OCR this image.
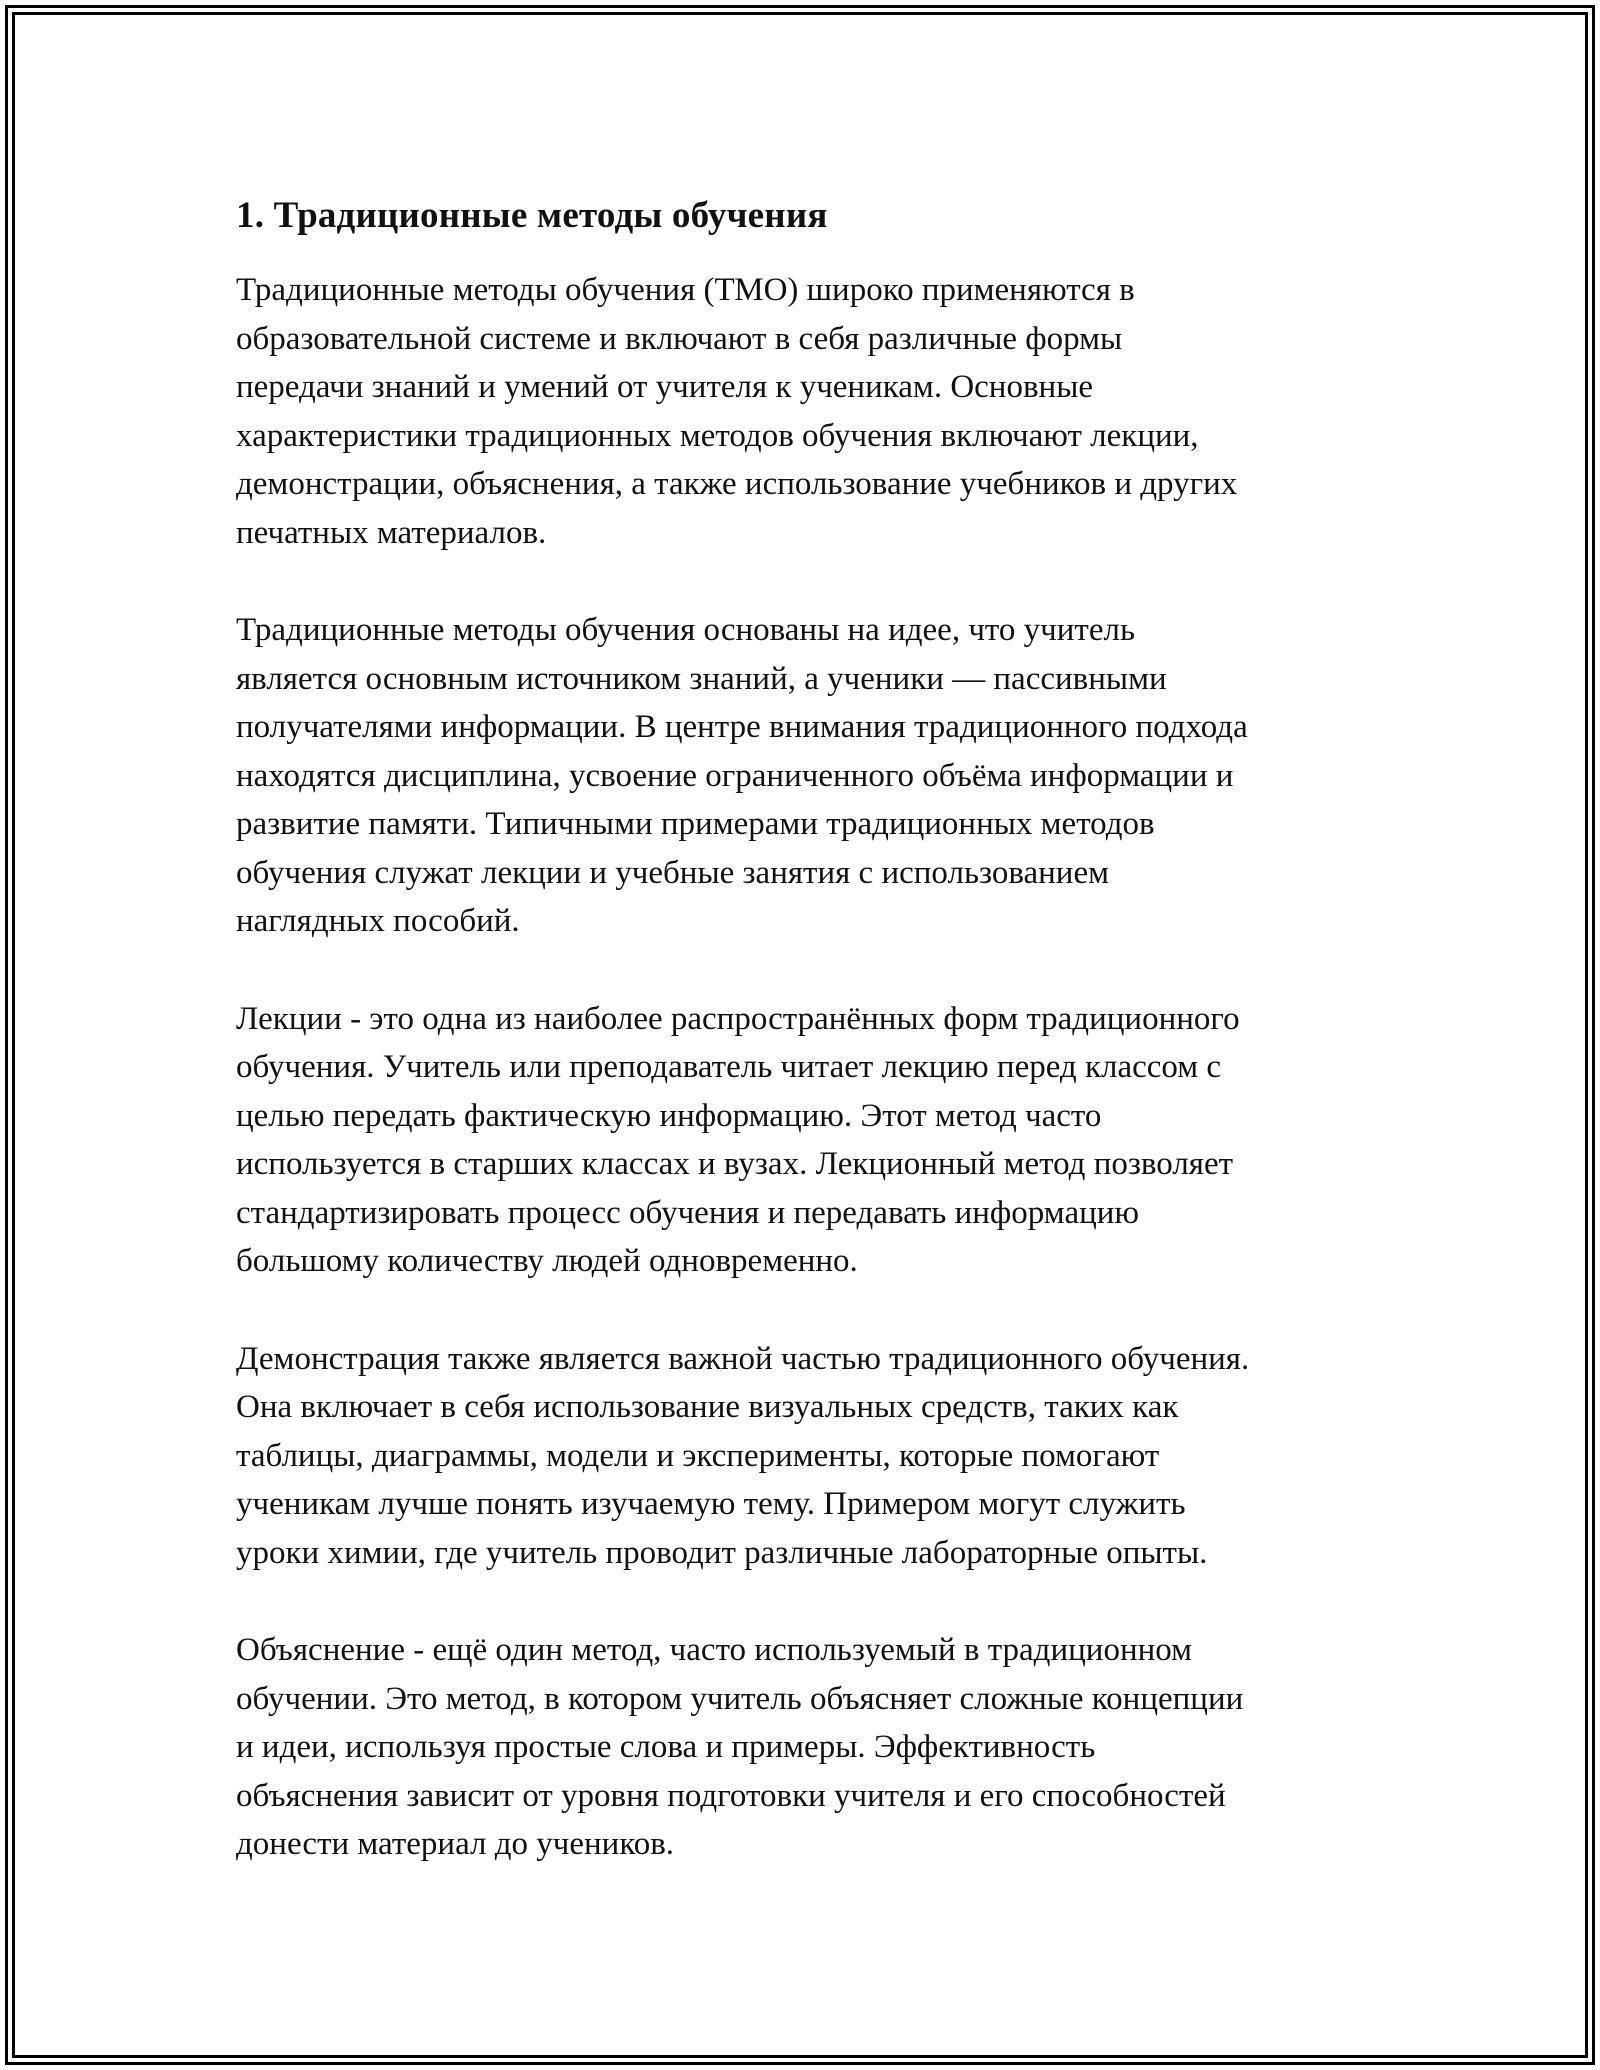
1. Традиционные методы обучения

Традиционные методы обучения (ТМО) широко применяются в
образовательной системе и включают в себя различные формы
передачи знаний и умений от учителя к ученикам. Основные
характеристики традиционных методов обучения включают лекции,
демонстрации, объяснения, а также использование учебников и других
печатных материалов.

Традиционные методы обучения основаны на идее, что учитель
является основным источником знаний, а ученики — пассивными
получателями информации. В центре внимания традиционного подхода
находятся дисциплина, усвоение ограниченного объёма информации и
развитие памяти. Типичными примерами традиционных методов
обучения служат лекции и учебные занятия с использованием
наглядных пособий.

Лекции - это одна из наиболее распространённых форм традиционного
обучения. Учитель или преподаватель читает лекцию перед классом с
целью передать фактическую информацию. Этот метод часто
используется в старших классах и вузах. Лекционный метод позволяет
стандартизировать процесс обучения и передавать информацию
большому количеству людей одновременно.

Демонстрация также является важной частью традиционного обучения.
Она включает в себя использование визуальных средств, таких как
таблицы, диаграммы, модели и эксперименты, которые помогают
ученикам лучше понять изучаемую тему. Примером могут служить
уроки химии, где учитель проводит различные лабораторные опыты.

Объяснение - ещё один метод, часто используемый в традиционном
обучении. Это метод, в котором учитель объясняет сложные концепции
и идеи, используя простые слова и примеры. Эффективность
объяснения зависит от уровня подготовки учителя и его способностей
донести материал до учеников.
